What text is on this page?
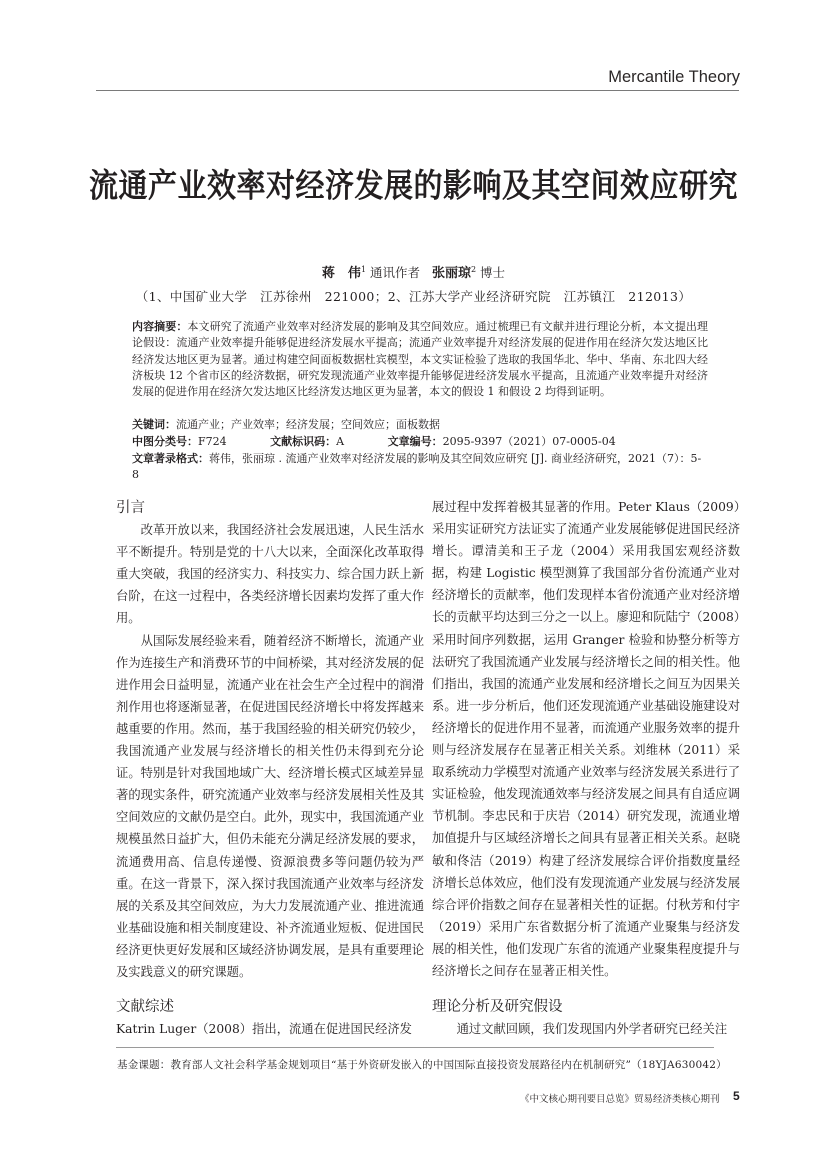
Mercantile Theory
流通产业效率对经济发展的影响及其空间效应研究
蒋　伟$^1$ 通讯作者 张丽琼$^2$ 博士
（1、中国矿业大学　江苏徐州　221000；2、江苏大学产业经济研究院　江苏镇江　212013）
内容摘要：本文研究了流通产业效率对经济发展的影响及其空间效应。通过梳理已有文献并进行理论分析，本文提出理论假设：流通产业效率提升能够促进经济发展水平提高；流通产业效率提升对经济发展的促进作用在经济欠发达地区比经济发达地区更为显著。通过构建空间面板数据杜宾模型，本文实证检验了选取的我国华北、华中、华南、东北四大经济板块 12 个省市区的经济数据，研究发现流通产业效率提升能够促进经济发展水平提高，且流通产业效率提升对经济发展的促进作用在经济欠发达地区比经济发达地区更为显著，本文的假设 1 和假设 2 均得到证明。
关键词：流通产业；产业效率；经济发展；空间效应；面板数据
中图分类号：F724	文献标识码：A	文章编号：2095-9397（2021）07-0005-04
文章著录格式：蒋伟，张丽琼 . 流通产业效率对经济发展的影响及其空间效应研究 [J]. 商业经济研究，2021（7）：5-8
引言

改革开放以来，我国经济社会发展迅速，人民生活水平不断提升。特别是党的十八大以来，全面深化改革取得重大突破，我国的经济实力、科技实力、综合国力跃上新台阶，在这一过程中，各类经济增长因素均发挥了重大作用。

从国际发展经验来看，随着经济不断增长，流通产业作为连接生产和消费环节的中间桥梁，其对经济发展的促进作用会日益明显，流通产业在社会生产全过程中的润滑剂作用也将逐渐显著，在促进国民经济增长中将发挥越来越重要的作用。然而，基于我国经验的相关研究仍较少，我国流通产业发展与经济增长的相关性仍未得到充分论证。特别是针对我国地域广大、经济增长模式区域差异显著的现实条件，研究流通产业效率与经济发展相关性及其空间效应的文献仍是空白。此外，现实中，我国流通产业规模虽然日益扩大，但仍未能充分满足经济发展的要求，流通费用高、信息传递慢、资源浪费多等问题仍较为严重。在这一背景下，深入探讨我国流通产业效率与经济发展的关系及其空间效应，为大力发展流通产业、推进流通业基础设施和相关制度建设、补齐流通业短板、促进国民经济更快更好发展和区域经济协调发展，是具有重要理论及实践意义的研究课题。

文献综述

Katrin Luger（2008）指出，流通在促进国民经济发

展过程中发挥着极其显著的作用。Peter Klaus（2009）采用实证研究方法证实了流通产业发展能够促进国民经济增长。谭清美和王子龙（2004）采用我国宏观经济数据，构建 Logistic 模型测算了我国部分省份流通产业对经济增长的贡献率，他们发现样本省份流通产业对经济增长的贡献平均达到三分之一以上。廖迎和阮陆宁（2008）采用时间序列数据，运用 Granger 检验和协整分析等方法研究了我国流通产业发展与经济增长之间的相关性。他们指出，我国的流通产业发展和经济增长之间互为因果关系。进一步分析后，他们还发现流通产业基础设施建设对经济增长的促进作用不显著，而流通产业服务效率的提升则与经济发展存在显著正相关关系。刘维林（2011）采取系统动力学模型对流通产业效率与经济发展关系进行了实证检验，他发现流通效率与经济发展之间具有自适应调节机制。李忠民和于庆岩（2014）研究发现，流通业增加值提升与区域经济增长之间具有显著正相关关系。赵晓敏和佟洁（2019）构建了经济发展综合评价指数度量经济增长总体效应，他们没有发现流通产业发展与经济发展综合评价指数之间存在显著相关性的证据。付秋芳和付宇（2019）采用广东省数据分析了流通产业聚集与经济发展的相关性，他们发现广东省的流通产业聚集程度提升与经济增长之间存在显著正相关性。

理论分析及研究假设

通过文献回顾，我们发现国内外学者研究已经关注

基金课题：教育部人文社会科学基金规划项目“基于外资研发嵌入的中国国际直接投资发展路径内在机制研究”（18YJA630042）
《中文核心期刊要目总览》贸易经济类核心期刊 5
